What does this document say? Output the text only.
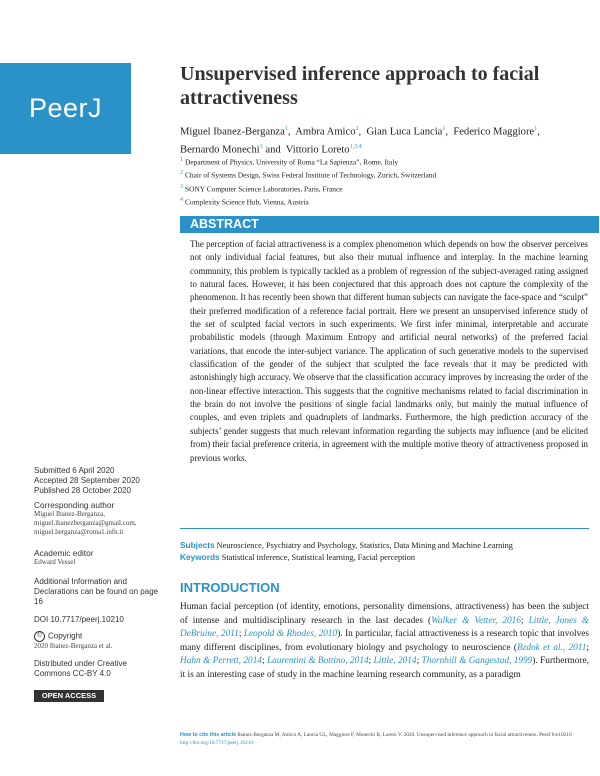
PeerJ
Unsupervised inference approach to facial attractiveness
Miguel Ibanez-Berganza$^1$,  Ambra Amico$^2$,  Gian Luca Lancia$^1$,  Federico Maggiore$^1$,
Bernardo Monechi$^3$ and  Vittorio Loreto$^{1,3,4}$
$^1$ Department of Physics, University of Roma “La Sapienza”, Rome, Italy
$^2$ Chair of Systems Design, Swiss Federal Institute of Technology, Zurich, Switzerland
$^3$ SONY Computer Science Laboratories, Paris, France
$^4$ Complexity Science Hub, Vienna, Austria
ABSTRACT
The perception of facial attractiveness is a complex phenomenon which depends on how the observer perceives not only individual facial features, but also their mutual influence and interplay. In the machine learning community, this problem is typically tackled as a problem of regression of the subject-averaged rating assigned to natural faces. However, it has been conjectured that this approach does not capture the complexity of the phenomenon. It has recently been shown that different human subjects can navigate the face-space and “sculpt” their preferred modification of a reference facial portrait. Here we present an unsupervised inference study of the set of sculpted facial vectors in such experiments. We first infer minimal, interpretable and accurate probabilistic models (through Maximum Entropy and artificial neural networks) of the preferred facial variations, that encode the inter-subject variance. The application of such generative models to the supervised classification of the gender of the subject that sculpted the face reveals that it may be predicted with astonishingly high accuracy. We observe that the classification accuracy improves by increasing the order of the non-linear effective interaction. This suggests that the cognitive mechanisms related to facial discrimination in the brain do not involve the positions of single facial landmarks only, but mainly the mutual influence of couples, and even triplets and quadruplets of landmarks. Furthermore, the high prediction accuracy of the subjects’ gender suggests that much relevant information regarding the subjects may influence (and be elicited from) their facial preference criteria, in agreement with the multiple motive theory of attractiveness proposed in previous works.
Submitted 6 April 2020
Accepted 28 September 2020
Published 28 October 2020
Corresponding author
Miguel Ibanez-Berganza,
miguel.ibanezberganza@gmail.com,
miguel.berganza@roma1.infn.it
Academic editor
Edward Vessel
Additional Information and Declarations can be found on page 16
DOI 10.7717/peerj.10210
© Copyright
2020 Ibanez-Berganza et al.
Distributed under Creative Commons CC-BY 4.0
OPEN ACCESS
Subjects Neuroscience, Psychiatry and Psychology, Statistics, Data Mining and Machine Learning
Keywords Statistical inference, Statistical learning, Facial perception
INTRODUCTION
Human facial perception (of identity, emotions, personality dimensions, attractiveness) has been the subject of intense and multidisciplinary research in the last decades (Walker & Vetter, 2016; Little, Jones & DeBruine, 2011; Leopold & Rhodes, 2010). In particular, facial attractiveness is a research topic that involves many different disciplines, from evolutionary biology and psychology to neuroscience (Bzdok et al., 2011; Hahn & Perrett, 2014; Laurentini & Bottino, 2014; Little, 2014; Thornhill & Gangestad, 1999). Furthermore, it is an interesting case of study in the machine learning research community, as a paradigm
How to cite this article Ibanez-Berganza M, Amico A, Lancia GL, Maggiore F, Monechi B, Loreto V. 2020. Unsupervised inference approach to facial attractiveness. PeerJ 8:e10210 http://doi.org/10.7717/peerj.10210
